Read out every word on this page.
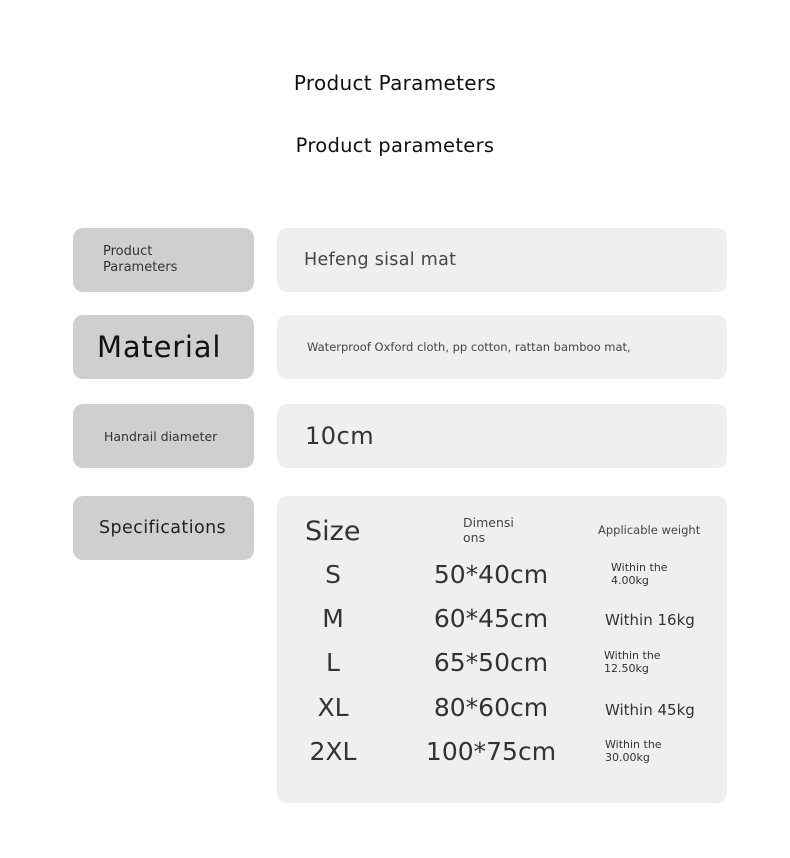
Product Parameters
Product parameters
Product Parameters	Hefeng sisal mat
Material	Waterproof Oxford cloth, pp cotton, rattan bamboo mat,
Handrail diameter	10cm
Specifications	Size	Dimensi ons	Applicable weight
S	50*40cm	Within the 4.00kg
M	60*45cm	Within 16kg
L	65*50cm	Within the 12.50kg
XL	80*60cm	Within 45kg
2XL	100*75cm	Within the 30.00kg
